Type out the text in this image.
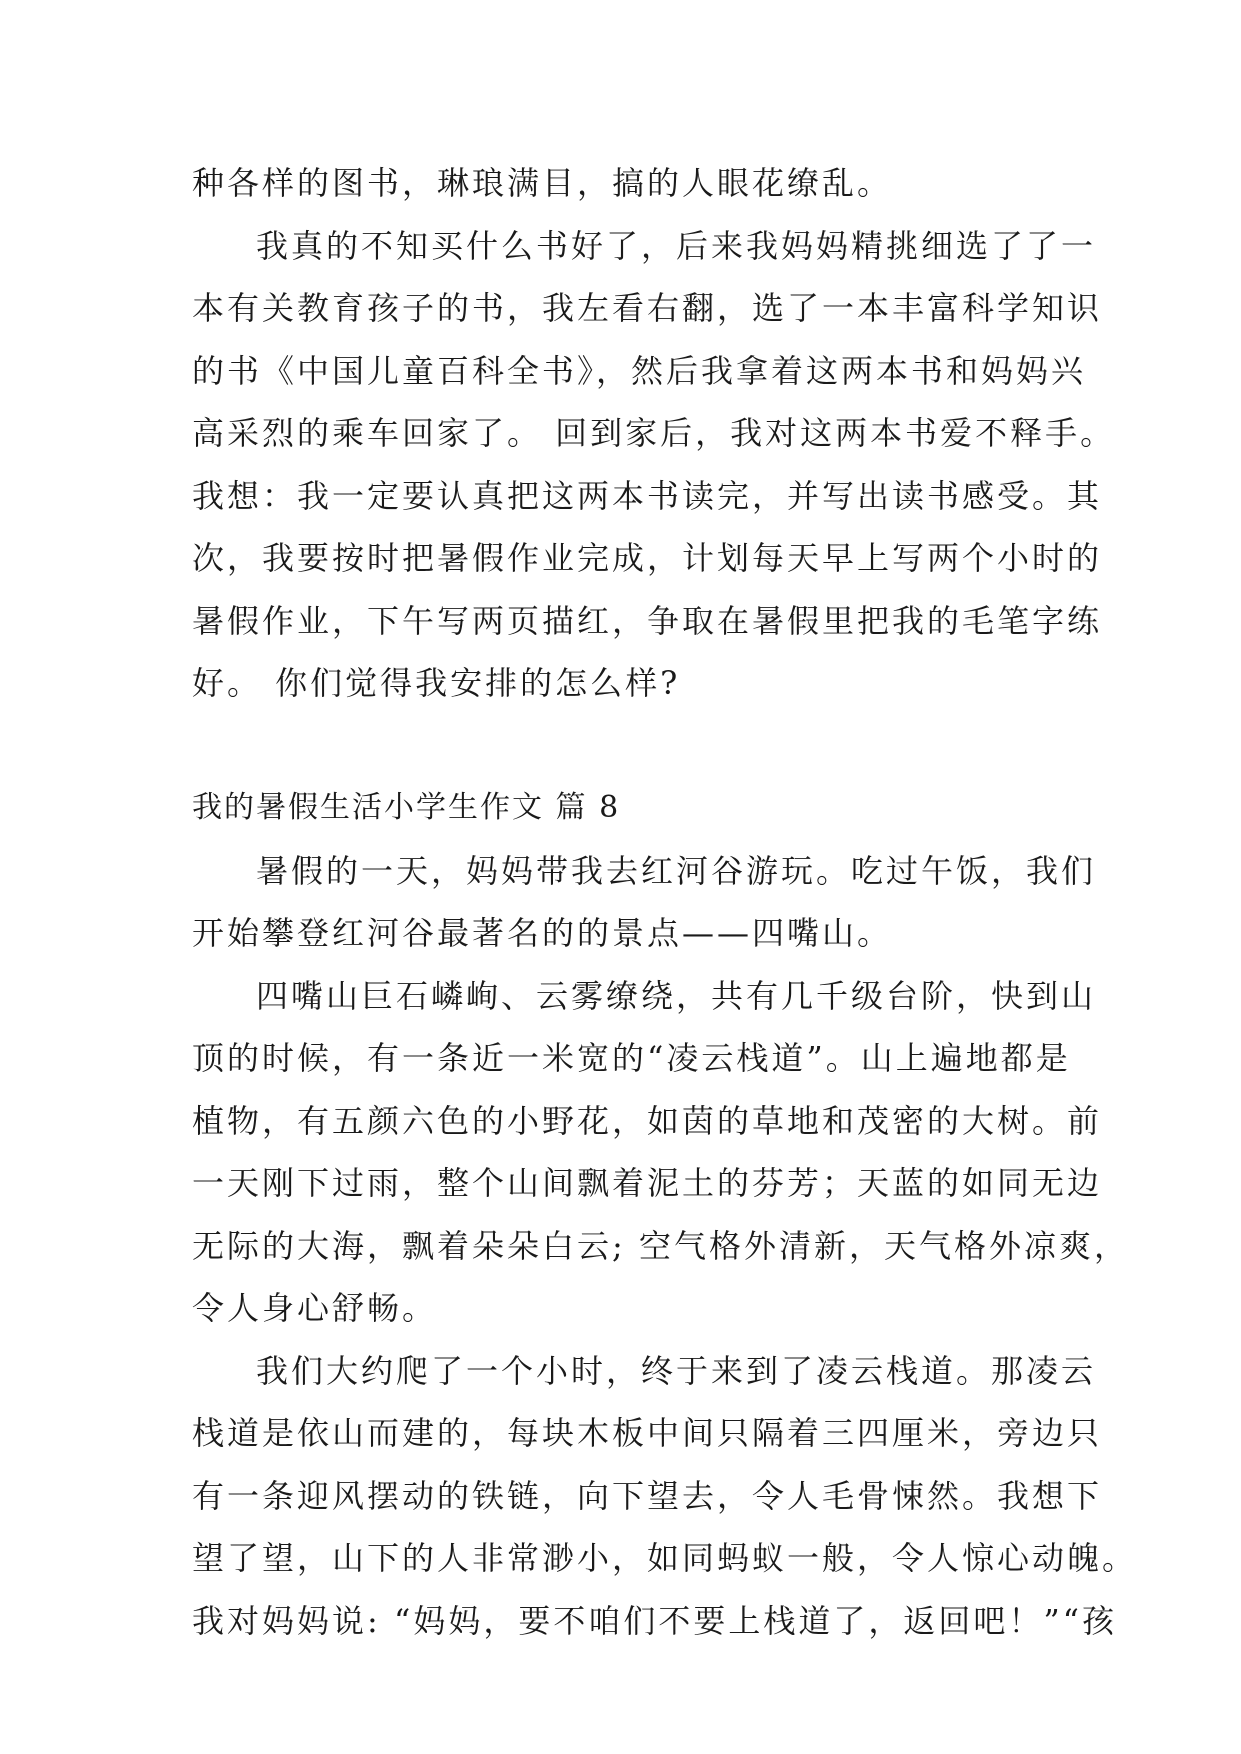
种各样的图书，琳琅满目，搞的人眼花缭乱。
我真的不知买什么书好了，后来我妈妈精挑细选了了一
本有关教育孩子的书，我左看右翻，选了一本丰富科学知识
的书《中国儿童百科全书》，然后我拿着这两本书和妈妈兴
高采烈的乘车回家了。 回到家后，我对这两本书爱不释手。
我想：我一定要认真把这两本书读完，并写出读书感受。其
次，我要按时把暑假作业完成，计划每天早上写两个小时的
暑假作业，下午写两页描红，争取在暑假里把我的毛笔字练
好。 你们觉得我安排的怎么样?
我的暑假生活小学生作文 篇 8
暑假的一天，妈妈带我去红河谷游玩。吃过午饭，我们
开始攀登红河谷最著名的的景点——四嘴山。
四嘴山巨石嶙峋、云雾缭绕，共有几千级台阶，快到山
顶的时候，有一条近一米宽的“凌云栈道”。山上遍地都是
植物，有五颜六色的小野花，如茵的草地和茂密的大树。前
一天刚下过雨，整个山间飘着泥土的芬芳；天蓝的如同无边
无际的大海，飘着朵朵白云; 空气格外清新，天气格外凉爽，
令人身心舒畅。
我们大约爬了一个小时，终于来到了凌云栈道。那凌云
栈道是依山而建的，每块木板中间只隔着三四厘米，旁边只
有一条迎风摆动的铁链，向下望去，令人毛骨悚然。我想下
望了望，山下的人非常渺小，如同蚂蚁一般，令人惊心动魄。
我对妈妈说: “妈妈，要不咱们不要上栈道了，返回吧！”“孩
